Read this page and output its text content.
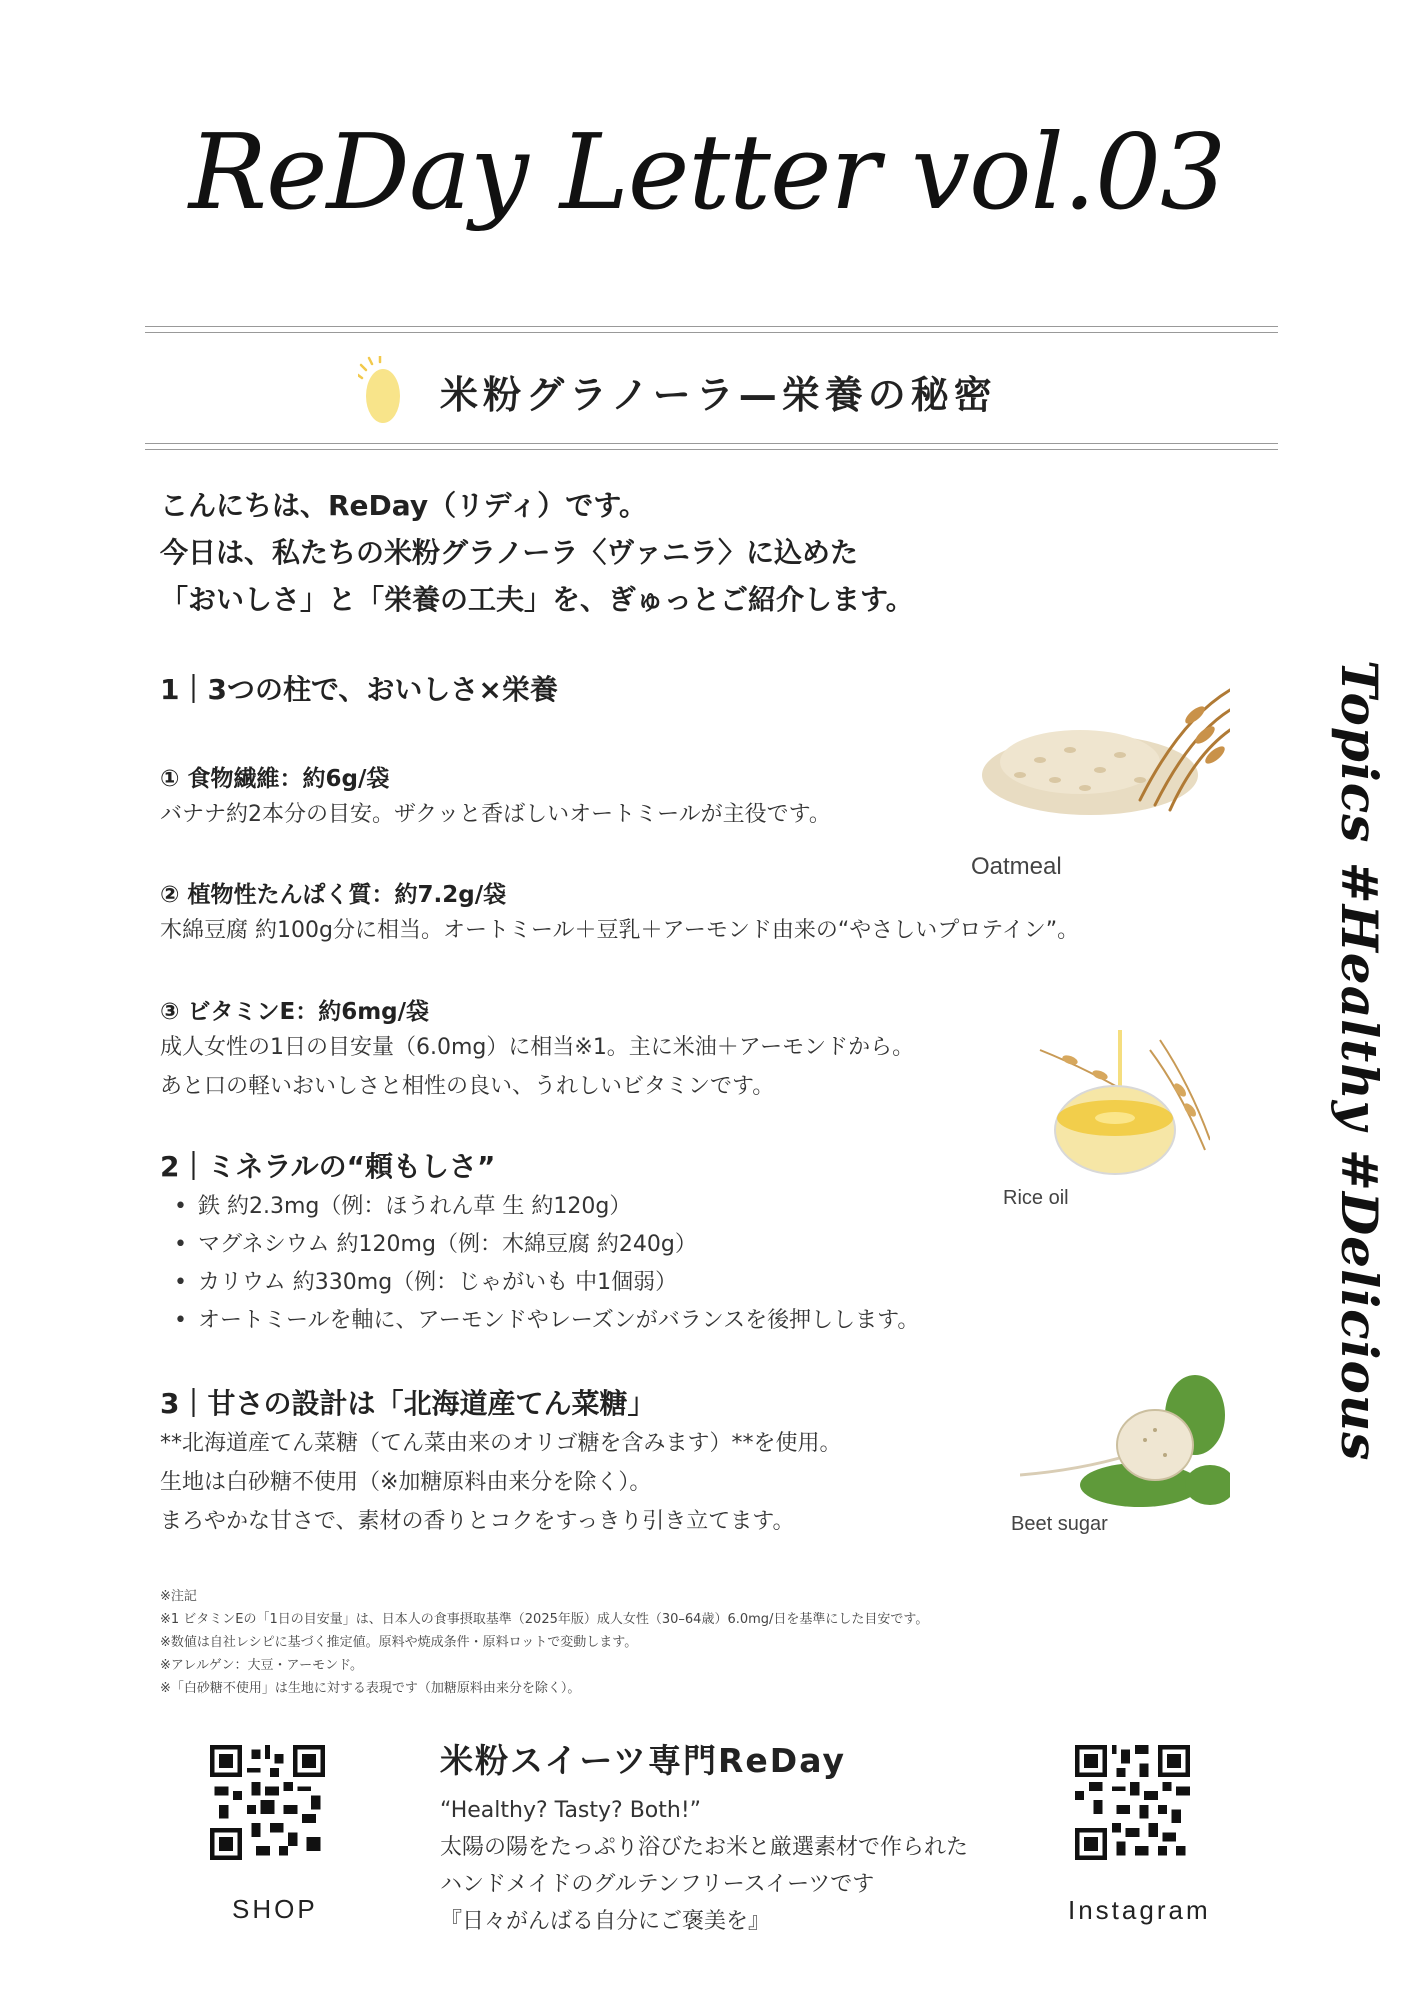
ReDay Letter vol.03
米粉グラノーラ—栄養の秘密
こんにちは、ReDay（リディ）です。
今日は、私たちの米粉グラノーラ〈ヴァニラ〉に込めた
「おいしさ」と「栄養の工夫」を、ぎゅっとご紹介します。
1｜3つの柱で、おいしさ×栄養
① 食物繊維：約6g/袋
バナナ約2本分の目安。ザクッと香ばしいオートミールが主役です。
② 植物性たんぱく質：約7.2g/袋
木綿豆腐 約100g分に相当。オートミール＋豆乳＋アーモンド由来の“やさしいプロテイン”。
③ ビタミンE：約6mg/袋
成人女性の1日の目安量（6.0mg）に相当※1。主に米油＋アーモンドから。
あと口の軽いおいしさと相性の良い、うれしいビタミンです。
Oatmeal
2｜ミネラルの“頼もしさ”
• 鉄 約2.3mg（例：ほうれん草 生 約120g）
• マグネシウム 約120mg（例：木綿豆腐 約240g）
• カリウム 約330mg（例：じゃがいも 中1個弱）
• オートミールを軸に、アーモンドやレーズンがバランスを後押しします。
Rice oil
3｜甘さの設計は「北海道産てん菜糖」
**北海道産てん菜糖（てん菜由来のオリゴ糖を含みます）**を使用。
生地は白砂糖不使用（※加糖原料由来分を除く）。
まろやかな甘さで、素材の香りとコクをすっきり引き立てます。	Beet sugar
Topics #Healthy #Delicious
※注記
※1 ビタミンEの「1日の目安量」は、日本人の食事摂取基準（2025年版）成人女性（30–64歳）6.0mg/日を基準にした目安です。
※数値は自社レシピに基づく推定値。原料や焼成条件・原料ロットで変動します。
※アレルゲン：大豆・アーモンド。
※「白砂糖不使用」は生地に対する表現です（加糖原料由来分を除く）。
SHOP
米粉スイーツ専門ReDay
“Healthy? Tasty? Both!”
太陽の陽をたっぷり浴びたお米と厳選素材で作られた
ハンドメイドのグルテンフリースイーツです
『日々がんばる自分にご褒美を』	Instagram
